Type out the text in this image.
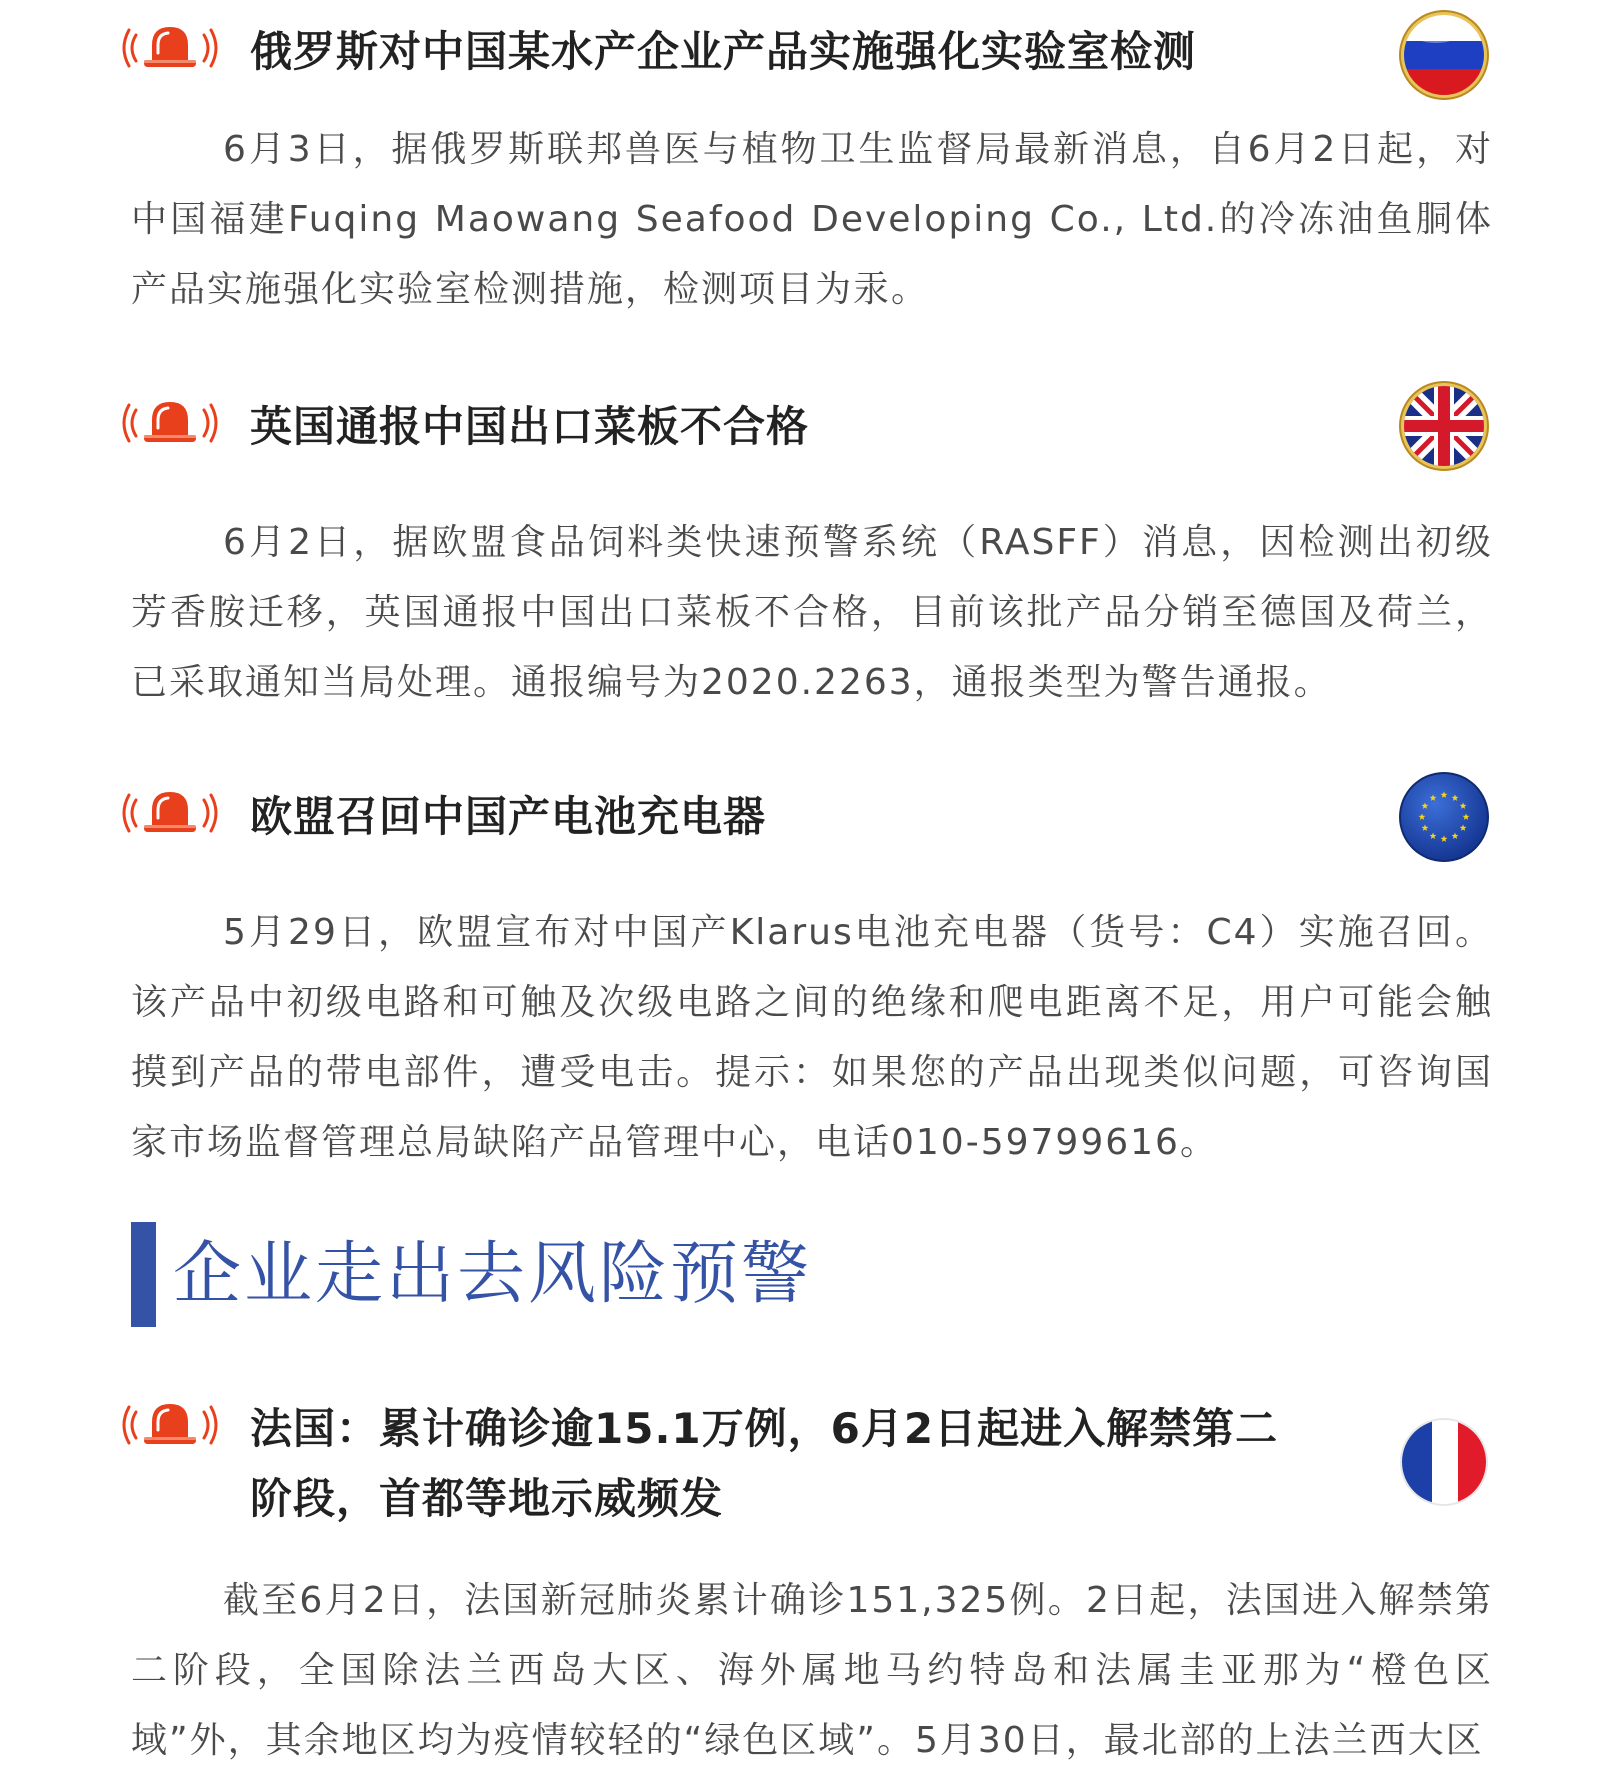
俄罗斯对中国某水产企业产品实施强化实验室检测

6月3日，据俄罗斯联邦兽医与植物卫生监督局最新消息，自6月2日起，对中国福建Fuqing Maowang Seafood Developing Co., Ltd.的冷冻油鱼胴体产品实施强化实验室检测措施，检测项目为汞。

英国通报中国出口菜板不合格

6月2日，据欧盟食品饲料类快速预警系统（RASFF）消息，因检测出初级芳香胺迁移，英国通报中国出口菜板不合格，目前该批产品分销至德国及荷兰，已采取通知当局处理。通报编号为2020.2263，通报类型为警告通报。

欧盟召回中国产电池充电器

5月29日，欧盟宣布对中国产Klarus电池充电器（货号：C4）实施召回。该产品中初级电路和可触及次级电路之间的绝缘和爬电距离不足，用户可能会触摸到产品的带电部件，遭受电击。提示：如果您的产品出现类似问题，可咨询国家市场监督管理总局缺陷产品管理中心，电话010-59799616。

企业走出去风险预警
法国：累计确诊逾15.1万例，6月2日起进入解禁第二
阶段，首都等地示威频发

截至6月2日，法国新冠肺炎累计确诊151,325例。2日起，法国进入解禁第二阶段，全国除法兰西岛大区、海外属地马约特岛和法属圭亚那为“橙色区域”外，其余地区均为疫情较轻的“绿色区域”。5月30日，最北部的上法兰西大区
